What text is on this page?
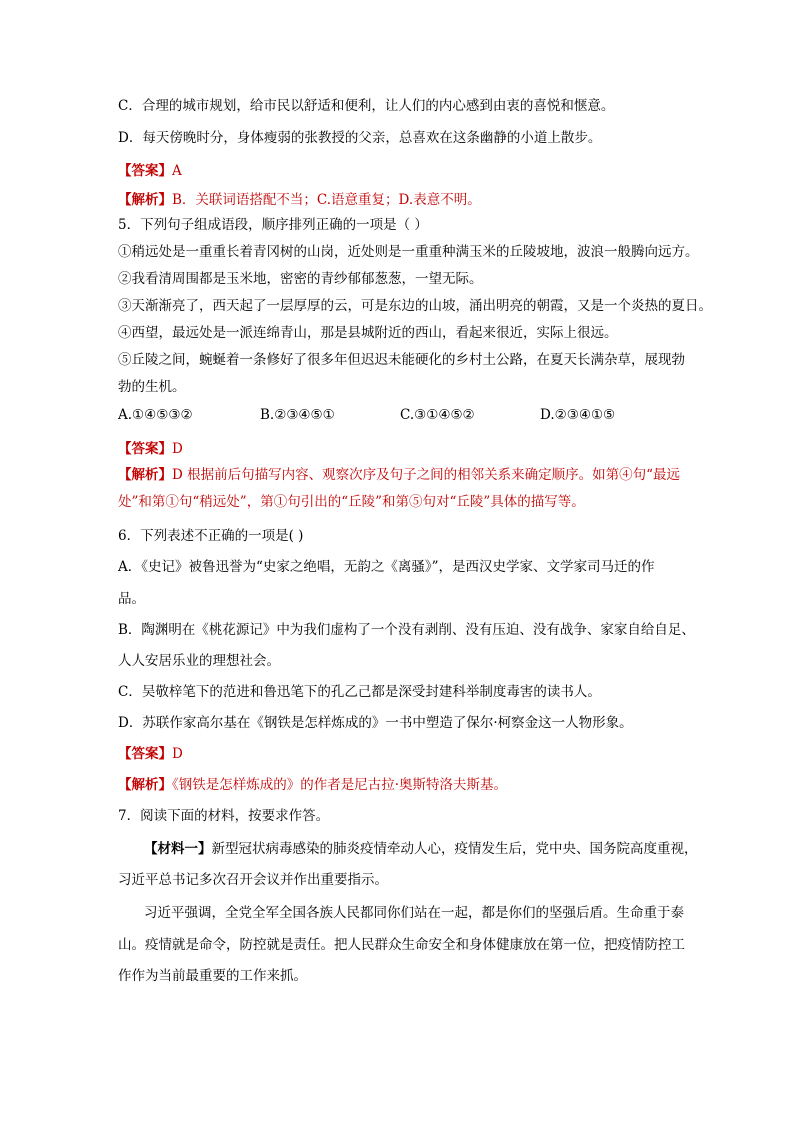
C．合理的城市规划，给市民以舒适和便利，让人们的内心感到由衷的喜悦和惬意。
D．每天傍晚时分，身体瘦弱的张教授的父亲，总喜欢在这条幽静的小道上散步。
【答案】A
【解析】B．关联词语搭配不当；C.语意重复；D.表意不明。
5．下列句子组成语段，顺序排列正确的一项是（ ）
①稍远处是一重重长着青冈树的山岗，近处则是一重重种满玉米的丘陵坡地，波浪一般腾向远方。
②我看清周围都是玉米地，密密的青纱郁郁葱葱，一望无际。
③天渐渐亮了，西天起了一层厚厚的云，可是东边的山坡，涌出明亮的朝霞，又是一个炎热的夏日。
④西望，最远处是一派连绵青山，那是县城附近的西山，看起来很近，实际上很远。
⑤丘陵之间，蜿蜒着一条修好了很多年但迟迟未能硬化的乡村土公路，在夏天长满杂草，展现勃
勃的生机。
A.①④⑤③②	B.②③④⑤①	C.③①④⑤②	D.②③④①⑤
【答案】D
【解析】D 根据前后句描写内容、观察次序及句子之间的相邻关系来确定顺序。如第④句“最远
处”和第①句“稍远处”，第①句引出的“丘陵”和第⑤句对“丘陵”具体的描写等。
6．下列表述不正确的一项是( )
A．《史记》被鲁迅誉为“史家之绝唱，无韵之《离骚》”，是西汉史学家、文学家司马迁的作
品。
B．陶渊明在《桃花源记》中为我们虚构了一个没有剥削、没有压迫、没有战争、家家自给自足、
人人安居乐业的理想社会。
C．吴敬梓笔下的范进和鲁迅笔下的孔乙己都是深受封建科举制度毒害的读书人。
D．苏联作家高尔基在《钢铁是怎样炼成的》一书中塑造了保尔·柯察金这一人物形象。
【答案】D
【解析】《钢铁是怎样炼成的》的作者是尼古拉·奥斯特洛夫斯基。
7．阅读下面的材料，按要求作答。
【材料一】新型冠状病毒感染的肺炎疫情牵动人心，疫情发生后，党中央、国务院高度重视，
习近平总书记多次召开会议并作出重要指示。
习近平强调，全党全军全国各族人民都同你们站在一起，都是你们的坚强后盾。生命重于泰
山。疫情就是命令，防控就是责任。把人民群众生命安全和身体健康放在第一位，把疫情防控工
作作为当前最重要的工作来抓。
